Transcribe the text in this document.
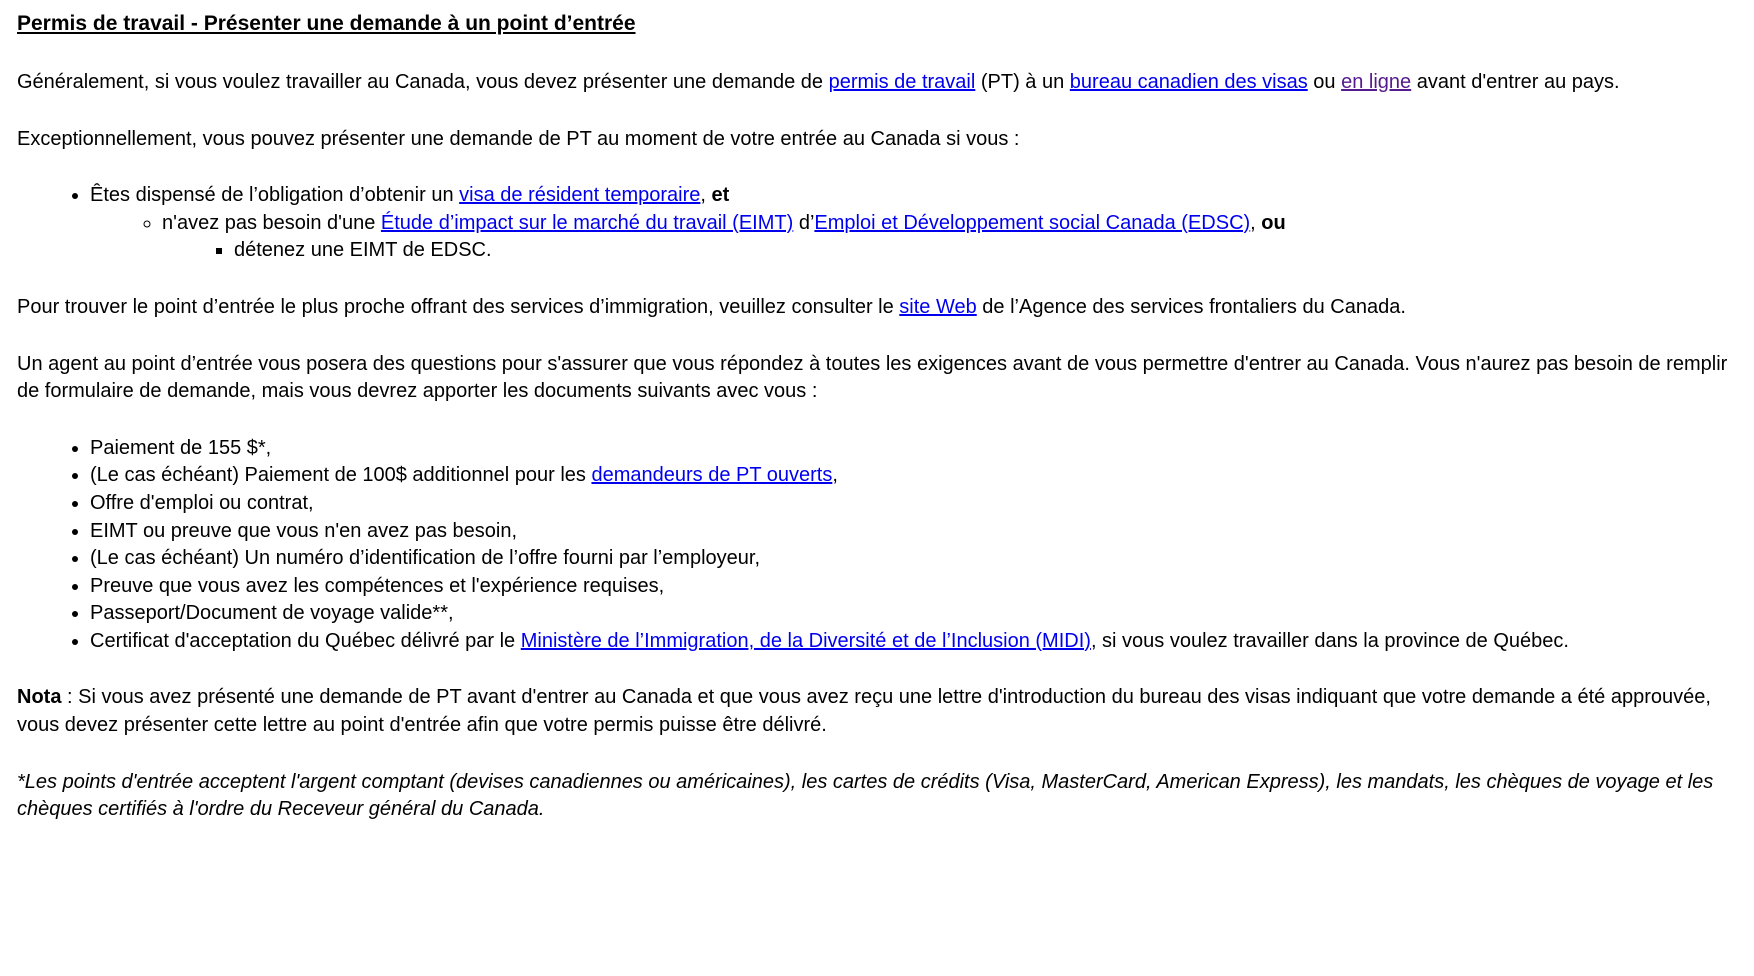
Permis de travail - Présenter une demande à un point d’entrée

Généralement, si vous voulez travailler au Canada, vous devez présenter une demande de permis de travail (PT) à un bureau canadien des visas ou en ligne avant d'entrer au pays.

Exceptionnellement, vous pouvez présenter une demande de PT au moment de votre entrée au Canada si vous :

• Êtes dispensé de l’obligation d’obtenir un visa de résident temporaire, et
◦ n'avez pas besoin d'une Étude d’impact sur le marché du travail (EIMT) d’Emploi et Développement social Canada (EDSC), ou
▪ détenez une EIMT de EDSC.

Pour trouver le point d’entrée le plus proche offrant des services d’immigration, veuillez consulter le site Web de l’Agence des services frontaliers du Canada.

Un agent au point d’entrée vous posera des questions pour s'assurer que vous répondez à toutes les exigences avant de vous permettre d'entrer au Canada. Vous n'aurez pas besoin de remplir de formulaire de demande, mais vous devrez apporter les documents suivants avec vous :

• Paiement de 155 $*,
• (Le cas échéant) Paiement de 100$ additionnel pour les demandeurs de PT ouverts,
• Offre d'emploi ou contrat,
• EIMT ou preuve que vous n'en avez pas besoin,
• (Le cas échéant) Un numéro d’identification de l’offre fourni par l’employeur,
• Preuve que vous avez les compétences et l'expérience requises,
• Passeport/Document de voyage valide**,
• Certificat d'acceptation du Québec délivré par le Ministère de l’Immigration, de la Diversité et de l’Inclusion (MIDI), si vous voulez travailler dans la province de Québec.

Nota : Si vous avez présenté une demande de PT avant d'entrer au Canada et que vous avez reçu une lettre d'introduction du bureau des visas indiquant que votre demande a été approuvée, vous devez présenter cette lettre au point d'entrée afin que votre permis puisse être délivré.

*Les points d'entrée acceptent l'argent comptant (devises canadiennes ou américaines), les cartes de crédits (Visa, MasterCard, American Express), les mandats, les chèques de voyage et les chèques certifiés à l'ordre du Receveur général du Canada.
